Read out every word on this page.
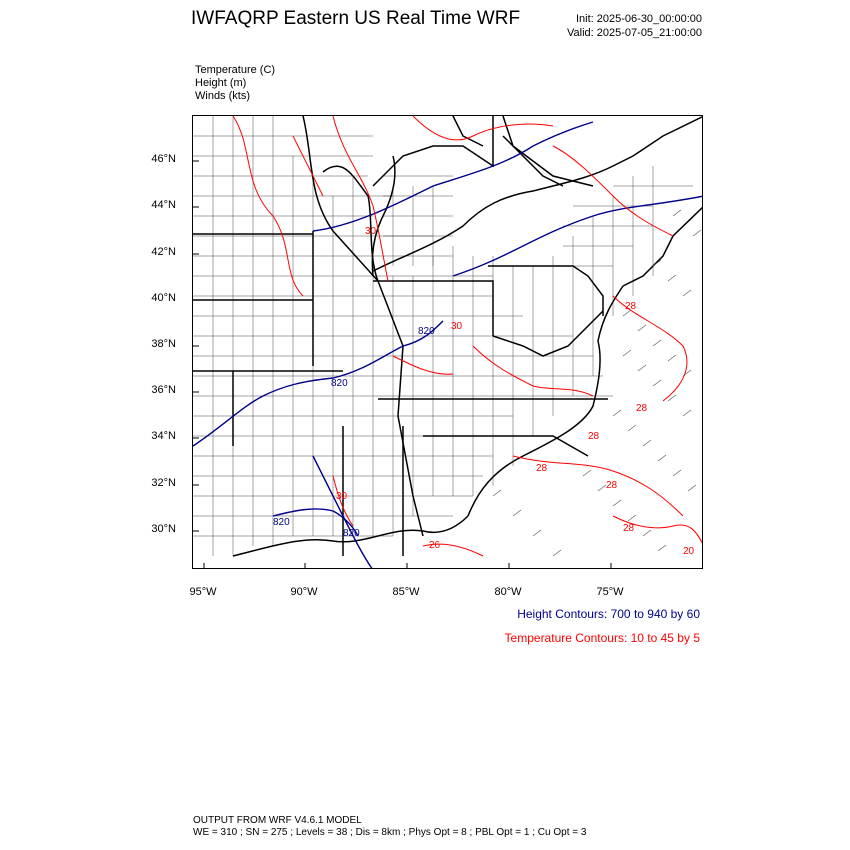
IWFAQRP Eastern US Real Time WRF	Init: 2025-06-30_00:00:00
Valid: 2025-07-05_21:00:00
Temperature (C)
Height (m)
Winds (kts)
46°N
44°N
42°N
40°N
38°N
36°N
34°N
32°N
30°N
95°W	90°W	85°W	80°W	75°W
820
820
820
820
30
30
28
28
28
28
28
28
26
30
20
Height Contours: 700 to 940 by 60
Temperature Contours: 10 to 45 by 5
OUTPUT FROM WRF V4.6.1 MODEL
WE = 310 ; SN = 275 ; Levels = 38 ; Dis = 8km ; Phys Opt = 8 ; PBL Opt = 1 ; Cu Opt = 3
